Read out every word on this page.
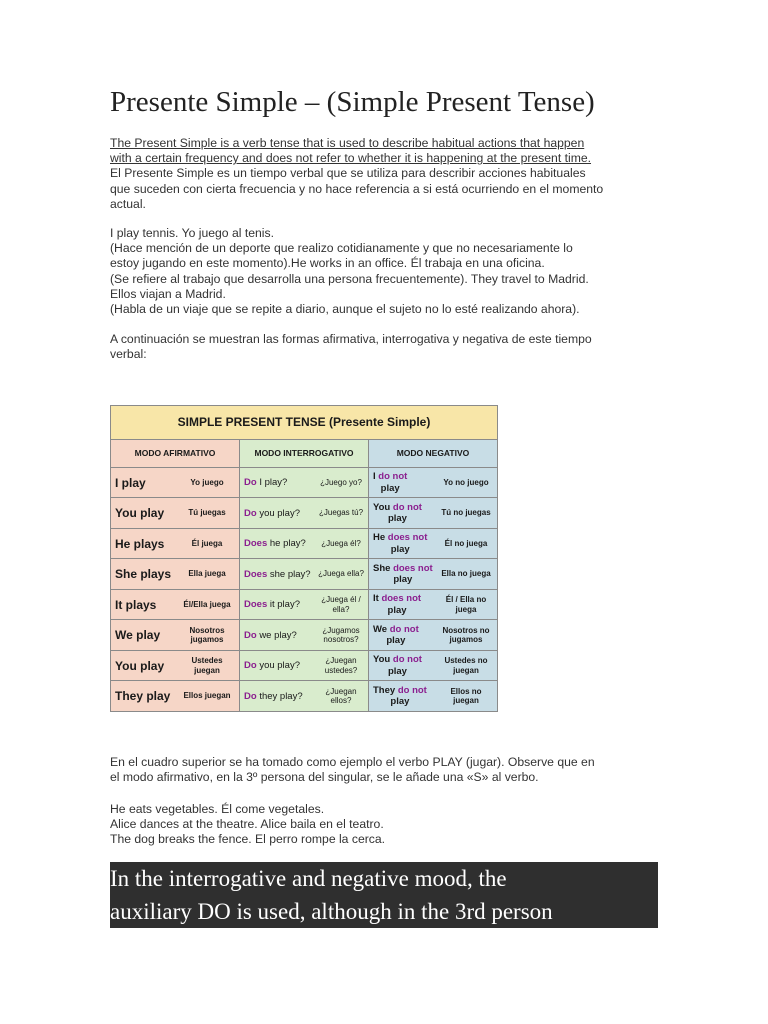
Presente Simple – (Simple Present Tense)
The Present Simple is a verb tense that is used to describe habitual actions that happen
with a certain frequency and does not refer to whether it is happening at the present time.
El Presente Simple es un tiempo verbal que se utiliza para describir acciones habituales
que suceden con cierta frecuencia y no hace referencia a si está ocurriendo en el momento
actual.
I play tennis. Yo juego al tenis.
(Hace mención de un deporte que realizo cotidianamente y que no necesariamente lo
estoy jugando en este momento).He works in an office. Él trabaja en una oficina.
(Se refiere al trabajo que desarrolla una persona frecuentemente). They travel to Madrid.
Ellos viajan a Madrid.
(Habla de un viaje que se repite a diario, aunque el sujeto no lo esté realizando ahora).
A continuación se muestran las formas afirmativa, interrogativa y negativa de este tiempo
verbal:
SIMPLE PRESENT TENSE (Presente Simple)		
MODO AFIRMATIVO	MODO INTERROGATIVO	MODO NEGATIVO

I play Yo juego	Do I play? ¿Juego yo?	I do not
play
Yo no juego

You play Tú juegas	Do you play? ¿Juegas tú?	You do not
play
Tú no juegas

He plays Él juega	Does he play? ¿Juega él?	He does not
play
Él no juega

She plays Ella juega	Does she play? ¿Juega ella?	She does not
play
Ella no juega

It plays Él/Ella juega	Does it play? ¿Juega él / ella?	It does not
play
Él / Ella no juega

We play Nosotros jugamos	Do we play? ¿Jugamos nosotros?	We do not
play
Nosotros no jugamos

You play Ustedes juegan	Do you play? ¿Juegan ustedes?	You do not
play
Ustedes no juegan

They play Ellos juegan	Do they play? ¿Juegan ellos?	They do not
play
Ellos no juegan
En el cuadro superior se ha tomado como ejemplo el verbo PLAY (jugar). Observe que en
el modo afirmativo, en la 3º persona del singular, se le añade una «S» al verbo.
He eats vegetables. Él come vegetales.
Alice dances at the theatre. Alice baila en el teatro.
The dog breaks the fence. El perro rompe la cerca.
In the interrogative and negative mood, the
auxiliary DO is used, although in the 3rd person
